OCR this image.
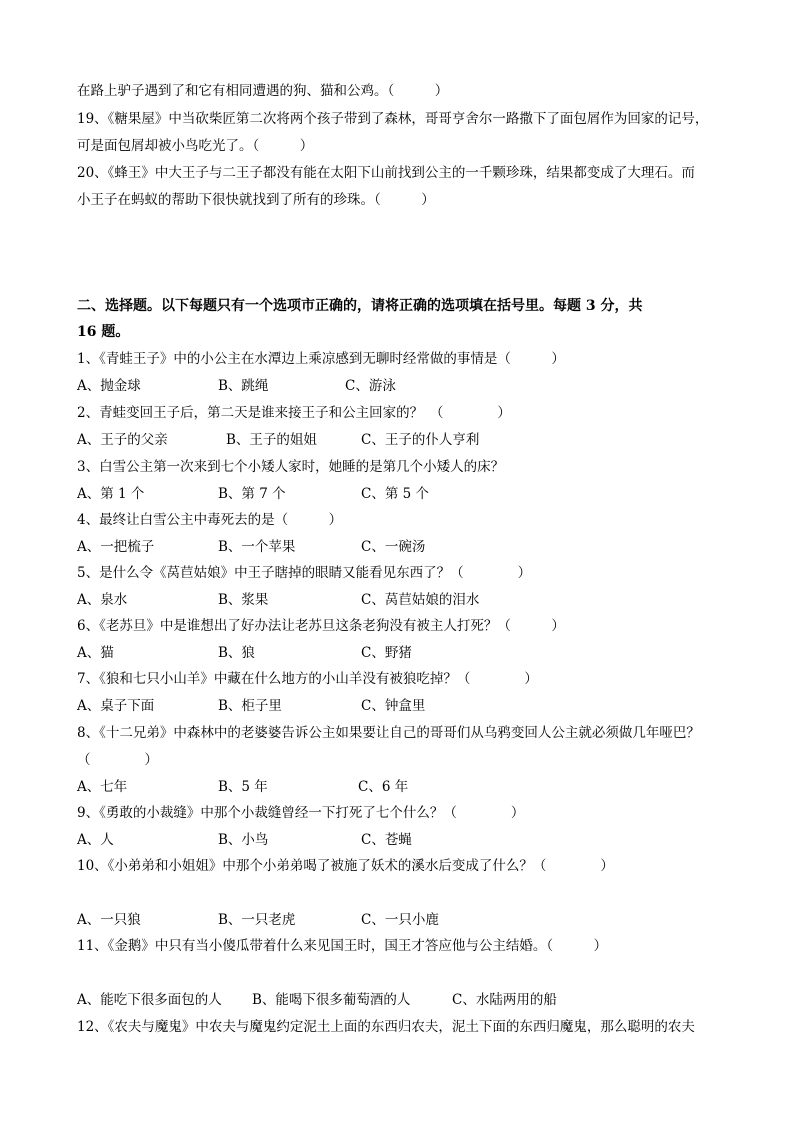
在路上驴子遇到了和它有相同遭遇的狗、猫和公鸡。（　　　）
19、《糖果屋》中当砍柴匠第二次将两个孩子带到了森林，哥哥亨舍尔一路撒下了面包屑作为回家的记号，
可是面包屑却被小鸟吃光了。（　　　）
20、《蜂王》中大王子与二王子都没有能在太阳下山前找到公主的一千颗珍珠，结果都变成了大理石。而
小王子在蚂蚁的帮助下很快就找到了所有的珍珠。（　　　）
二、选择题。以下每题只有一个选项市正确的，请将正确的选项填在括号里。每题 3 分，共
16 题。
1、《青蛙王子》中的小公主在水潭边上乘凉感到无聊时经常做的事情是（　　　）
A、抛金球	B、跳绳	C、游泳
2、青蛙变回王子后，第二天是谁来接王子和公主回家的？　（　　　　）
A、王子的父亲	B、王子的姐姐	C、王子的仆人亨利
3、白雪公主第一次来到七个小矮人家时，她睡的是第几个小矮人的床？
A、第 1 个	B、第 7 个	C、第 5 个
4、最终让白雪公主中毒死去的是（　　　）
A、一把梳子	B、一个苹果	C、一碗汤
5、是什么令《莴苣姑娘》中王子瞎掉的眼睛又能看见东西了？（　　　　）
A、泉水	B、浆果	C、莴苣姑娘的泪水
6、《老苏旦》中是谁想出了好办法让老苏旦这条老狗没有被主人打死？（　　　）
A、猫	B、狼	C、野猪
7、《狼和七只小山羊》中藏在什么地方的小山羊没有被狼吃掉？（　　　　）
A、桌子下面	B、柜子里	C、钟盒里
8、《十二兄弟》中森林中的老婆婆告诉公主如果要让自己的哥哥们从乌鸦变回人公主就必须做几年哑巴？
（　　　　）
A、七年	B、5 年	C、6 年
9、《勇敢的小裁缝》中那个小裁缝曾经一下打死了七个什么？（　　　　）
A、人	B、小鸟	C、苍蝇
10、《小弟弟和小姐姐》中那个小弟弟喝了被施了妖术的溪水后变成了什么？（　　　　）
A、一只狼	B、一只老虎	C、一只小鹿
11、《金鹅》中只有当小傻瓜带着什么来见国王时，国王才答应他与公主结婚。（　　　）
A、能吃下很多面包的人 B、能喝下很多葡萄酒的人	C、水陆两用的船
12、《农夫与魔鬼》中农夫与魔鬼约定泥土上面的东西归农夫，泥土下面的东西归魔鬼，那么聪明的农夫
